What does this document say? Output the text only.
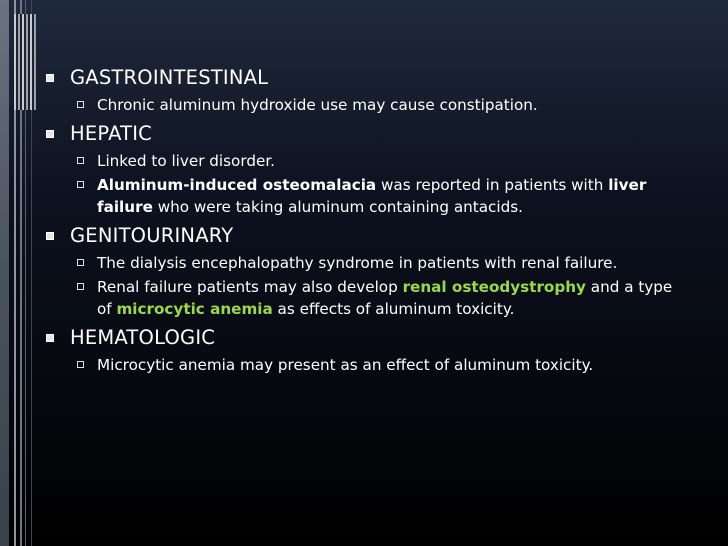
GASTROINTESTINAL
Chronic aluminum hydroxide use may cause constipation.
HEPATIC
Linked to liver disorder.
Aluminum-induced osteomalacia was reported in patients with liver failure who were taking aluminum containing antacids.
GENITOURINARY
The dialysis encephalopathy syndrome in patients with renal failure.
Renal failure patients may also develop renal osteodystrophy and a type of microcytic anemia as effects of aluminum toxicity.
HEMATOLOGIC
Microcytic anemia may present as an effect of aluminum toxicity.
